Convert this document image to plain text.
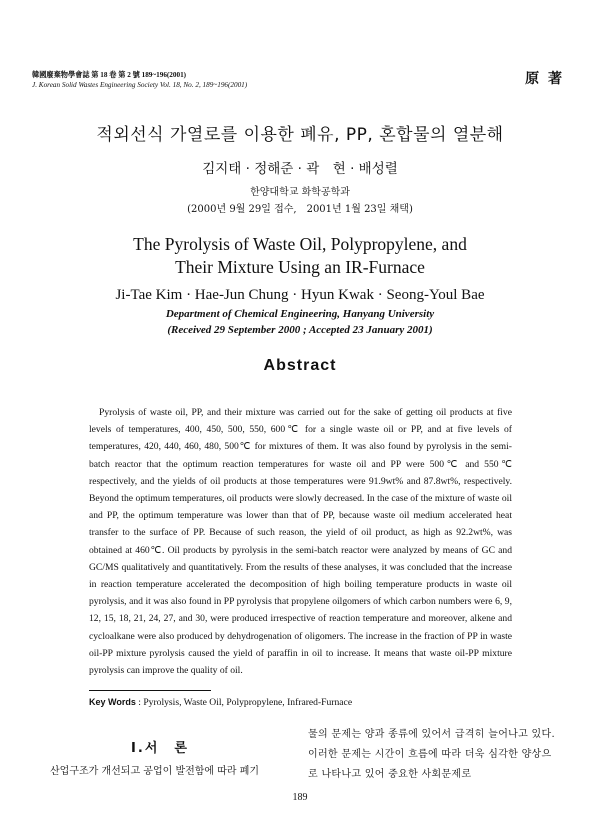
韓國廢棄物學會誌 第 18 卷 第 2 號 189~196(2001)
J. Korean Solid Wastes Engineering Society Vol. 18, No. 2, 189~196(2001)	原 著
적외선식 가열로를 이용한 폐유, PP, 혼합물의 열분해
김지태 · 정해준 · 곽　현 · 배성렬
한양대학교 화학공학과
(2000년 9월 29일 접수,　2001년 1월 23일 채택)
The Pyrolysis of Waste Oil, Polypropylene, and
Their Mixture Using an IR-Furnace
Ji-Tae Kim · Hae-Jun Chung · Hyun Kwak · Seong-Youl Bae
Department of Chemical Engineering, Hanyang University
(Received 29 September 2000 ; Accepted 23 January 2001)
Abstract
Pyrolysis of waste oil, PP, and their mixture was carried out for the sake of getting oil products at five levels of temperatures, 400, 450, 500, 550, 600℃ for a single waste oil or PP, and at five levels of temperatures, 420, 440, 460, 480, 500℃ for mixtures of them. It was also found by pyrolysis in the semi-batch reactor that the optimum reaction temperatures for waste oil and PP were 500℃ and 550℃ respectively, and the yields of oil products at those temperatures were 91.9wt% and 87.8wt%, respectively. Beyond the optimum temperatures, oil products were slowly decreased. In the case of the mixture of waste oil and PP, the optimum temperature was lower than that of PP, because waste oil medium accelerated heat transfer to the surface of PP. Because of such reason, the yield of oil product, as high as 92.2wt%, was obtained at 460℃. Oil products by pyrolysis in the semi-batch reactor were analyzed by means of GC and GC/MS qualitatively and quantitatively. From the results of these analyses, it was concluded that the increase in reaction temperature accelerated the decomposition of high boiling temperature products in waste oil pyrolysis, and it was also found in PP pyrolysis that propylene oilgomers of which carbon numbers were 6, 9, 12, 15, 18, 21, 24, 27, and 30, were produced irrespective of reaction temperature and moreover, alkene and cycloalkane were also produced by dehydrogenation of oligomers. The increase in the fraction of PP in waste oil-PP mixture pyrolysis caused the yield of paraffin in oil to increase. It means that waste oil-PP mixture pyrolysis can improve the quality of oil.
Key Words : Pyrolysis, Waste Oil, Polypropylene, Infrared-Furnace
Ⅰ.서　론
산업구조가 개선되고 공업이 발전함에 따라 폐기
물의 문제는 양과 종류에 있어서 급격히 늘어나고 있다. 이러한 문제는 시간이 흐름에 따라 더욱 심각한 양상으로 나타나고 있어 중요한 사회문제로
189
